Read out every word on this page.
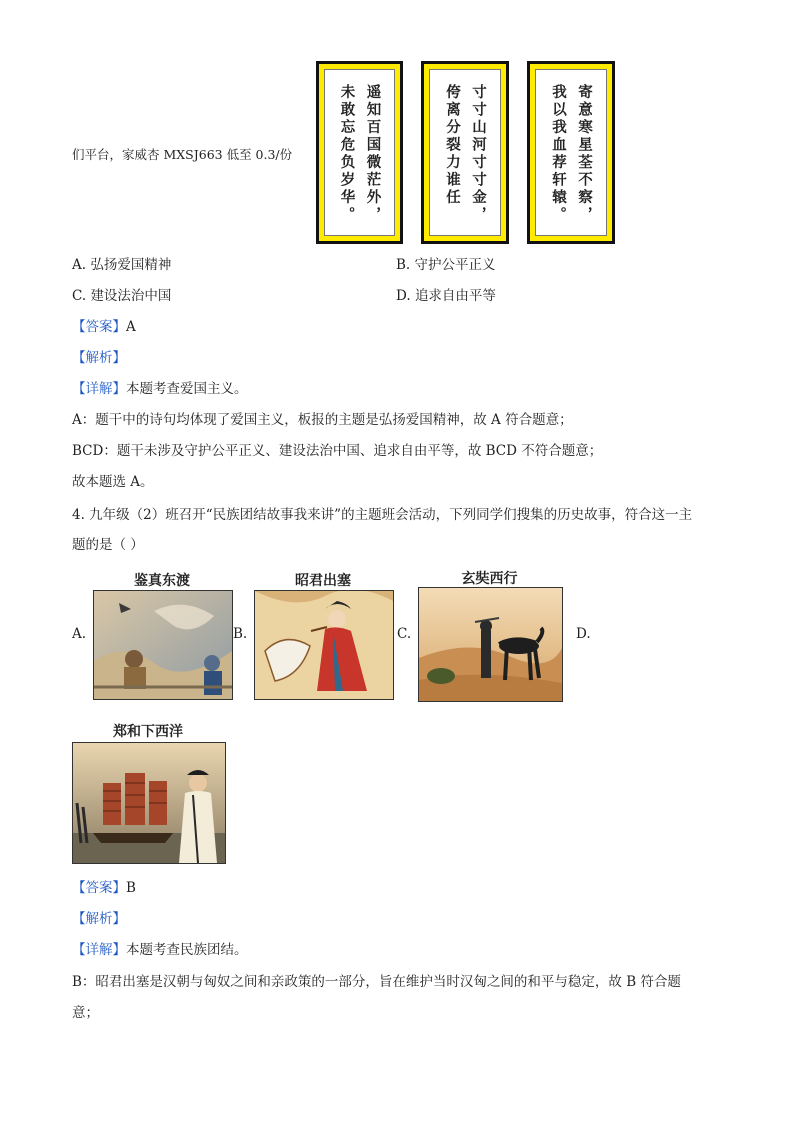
们平台，家威杏 MXSJ663 低至 0.3/份	遥知百国微茫外，
未敢忘危负岁华。	寸寸山河寸寸金，
侉离分裂力谁任	寄意寒星荃不察，
我以我血荐轩辕。
A. 弘扬爱国精神	B. 守护公平正义
C. 建设法治中国	D. 追求自由平等
【答案】A
【解析】
【详解】本题考查爱国主义。
A：题干中的诗句均体现了爱国主义，板报的主题是弘扬爱国精神，故 A 符合题意；
BCD：题干未涉及守护公平正义、建设法治中国、追求自由平等，故 BCD 不符合题意；
故本题选 A。
4. 九年级（2）班召开“民族团结故事我来讲”的主题班会活动，下列同学们搜集的历史故事，符合这一主
题的是（ ）
A.
鉴真东渡
B.
昭君出塞
C.
玄奘西行
D.
郑和下西洋
【答案】B
【解析】
【详解】本题考查民族团结。
B：昭君出塞是汉朝与匈奴之间和亲政策的一部分，旨在维护当时汉匈之间的和平与稳定，故 B 符合题
意；
